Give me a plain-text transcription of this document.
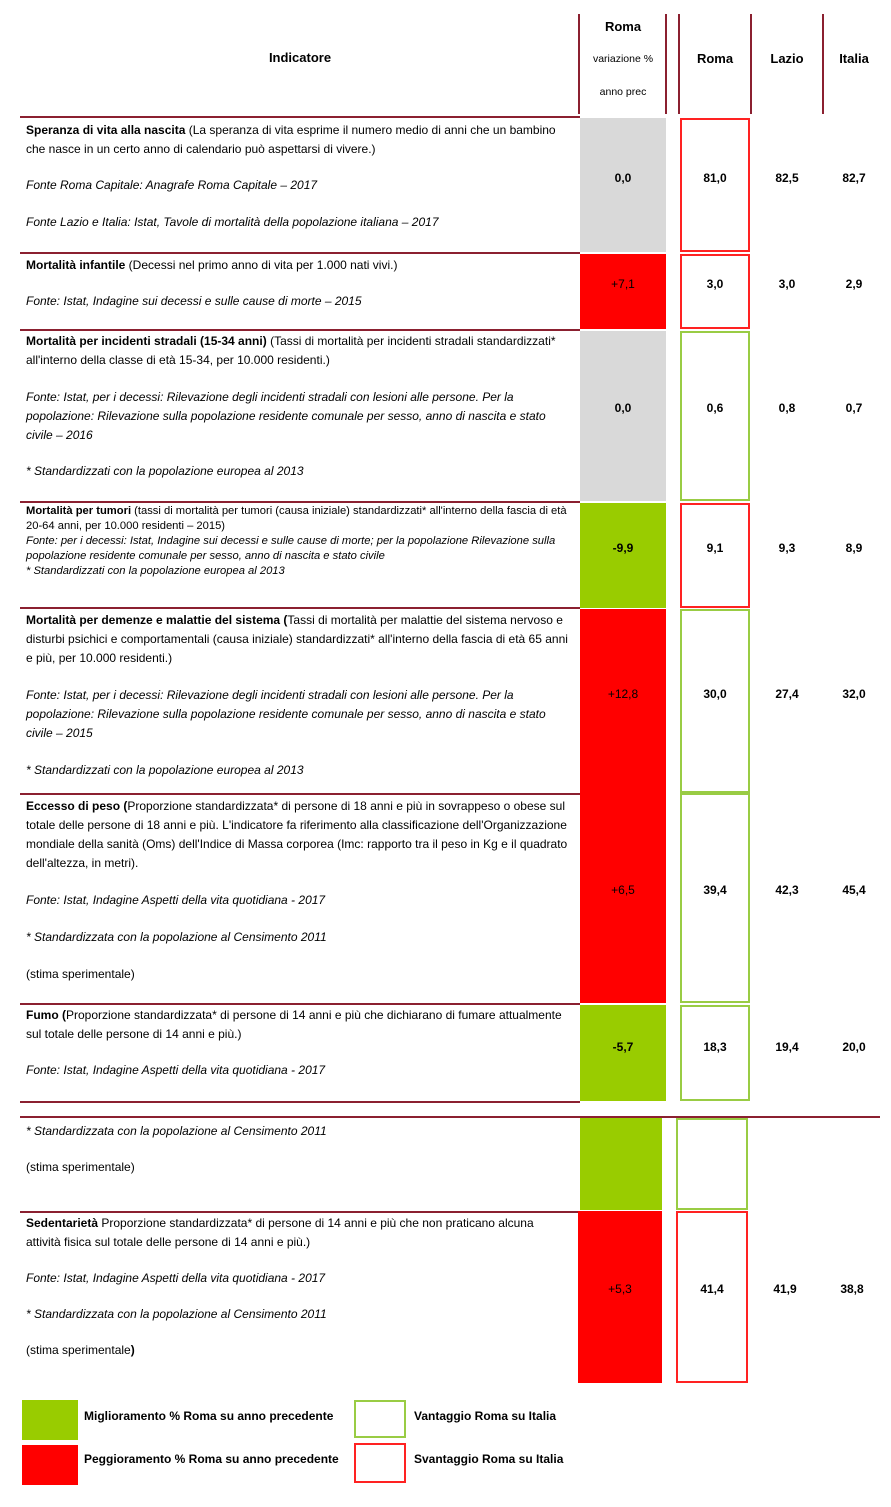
Indicatore
Roma
variazione %
anno prec
Roma	Lazio	Italia

Speranza di vita alla nascita (La speranza di vita esprime il numero medio di anni che un bambino che nasce in un certo anno di calendario può aspettarsi di vivere.)

Fonte Roma Capitale: Anagrafe Roma Capitale – 2017
Fonte Lazio e Italia: Istat, Tavole di mortalità della popolazione italiana – 2017
0,0	81,0	82,5	82,7

Mortalità infantile (Decessi nel primo anno di vita per 1.000 nati vivi.)

Fonte: Istat, Indagine sui decessi e sulle cause di morte – 2015
+7,1	3,0	3,0	2,9

Mortalità per incidenti stradali (15-34 anni) (Tassi di mortalità per incidenti stradali standardizzati* all'interno della classe di età 15-34, per 10.000 residenti.)

Fonte: Istat, per i decessi: Rilevazione degli incidenti stradali con lesioni alle persone. Per la popolazione: Rilevazione sulla popolazione residente comunale per sesso, anno di nascita e stato civile – 2016
* Standardizzati con la popolazione europea al 2013
0,0	0,6	0,8	0,7

Mortalità per tumori (tassi di mortalità per tumori (causa iniziale) standardizzati* all'interno della fascia di età 20-64 anni, per 10.000 residenti – 2015)

Fonte: per i decessi: Istat, Indagine sui decessi e sulle cause di morte; per la popolazione Rilevazione sulla popolazione residente comunale per sesso, anno di nascita e stato civile
* Standardizzati con la popolazione europea al 2013
-9,9	9,1	9,3	8,9

Mortalità per demenze e malattie del sistema (Tassi di mortalità per malattie del sistema nervoso e disturbi psichici e comportamentali (causa iniziale) standardizzati* all'interno della fascia di età 65 anni e più, per 10.000 residenti.)

Fonte: Istat, per i decessi: Rilevazione degli incidenti stradali con lesioni alle persone. Per la popolazione: Rilevazione sulla popolazione residente comunale per sesso, anno di nascita e stato civile – 2015
* Standardizzati con la popolazione europea al 2013
+12,8	30,0	27,4	32,0

Eccesso di peso (Proporzione standardizzata* di persone di 18 anni e più in sovrappeso o obese sul totale delle persone di 18 anni e più. L'indicatore fa riferimento alla classificazione dell'Organizzazione mondiale della sanità (Oms) dell'Indice di Massa corporea (Imc: rapporto tra il peso in Kg e il quadrato dell'altezza, in metri).

Fonte: Istat, Indagine Aspetti della vita quotidiana - 2017
* Standardizzata con la popolazione al Censimento 2011

(stima sperimentale)

+6,5	39,4	42,3	45,4

Fumo (Proporzione standardizzata* di persone di 14 anni e più che dichiarano di fumare attualmente sul totale delle persone di 14 anni e più.)

Fonte: Istat, Indagine Aspetti della vita quotidiana - 2017
-5,7	18,3	19,4	20,0
* Standardizzata con la popolazione al Censimento 2011

(stima sperimentale)

Sedentarietà Proporzione standardizzata* di persone di 14 anni e più che non praticano alcuna attività fisica sul totale delle persone di 14 anni e più.)

Fonte: Istat, Indagine Aspetti della vita quotidiana - 2017
* Standardizzata con la popolazione al Censimento 2011

(stima sperimentale)

+5,3	41,4	41,9	38,8
Miglioramento % Roma su anno precedente
Peggioramento % Roma su anno precedente
Vantaggio Roma su Italia
Svantaggio Roma su Italia
